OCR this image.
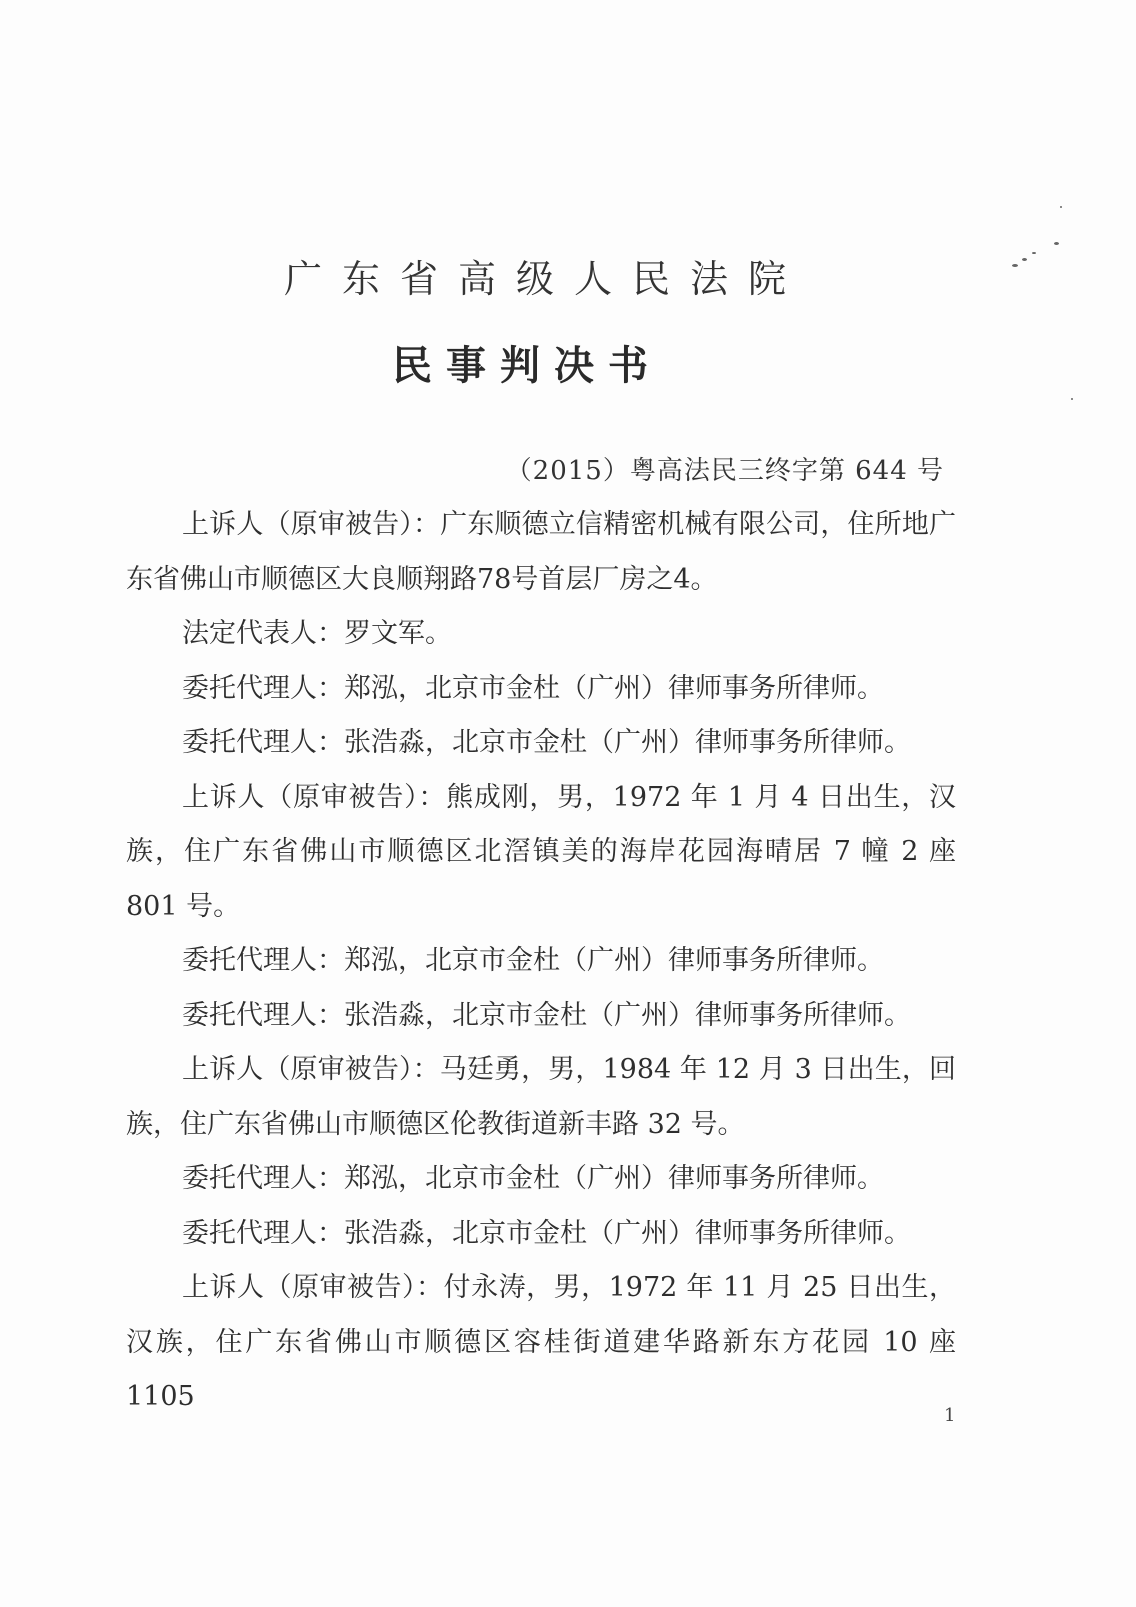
广东省高级人民法院
民事判决书
（2015）粤高法民三终字第 644 号

上诉人（原审被告）：广东顺德立信精密机械有限公司，住所地广东省佛山市顺德区大良顺翔路78号首层厂房之4。

法定代表人：罗文军。

委托代理人：郑泓，北京市金杜（广州）律师事务所律师。

委托代理人：张浩淼，北京市金杜（广州）律师事务所律师。

上诉人（原审被告）：熊成刚，男，1972 年 1 月 4 日出生，汉族，住广东省佛山市顺德区北滘镇美的海岸花园海晴居 7 幢 2 座 801 号。

委托代理人：郑泓，北京市金杜（广州）律师事务所律师。

委托代理人：张浩淼，北京市金杜（广州）律师事务所律师。

上诉人（原审被告）：马廷勇，男，1984 年 12 月 3 日出生，回族，住广东省佛山市顺德区伦教街道新丰路 32 号。

委托代理人：郑泓，北京市金杜（广州）律师事务所律师。

委托代理人：张浩淼，北京市金杜（广州）律师事务所律师。

上诉人（原审被告）：付永涛，男，1972 年 11 月 25 日出生，汉族，住广东省佛山市顺德区容桂街道建华路新东方花园 10 座 1105

1
